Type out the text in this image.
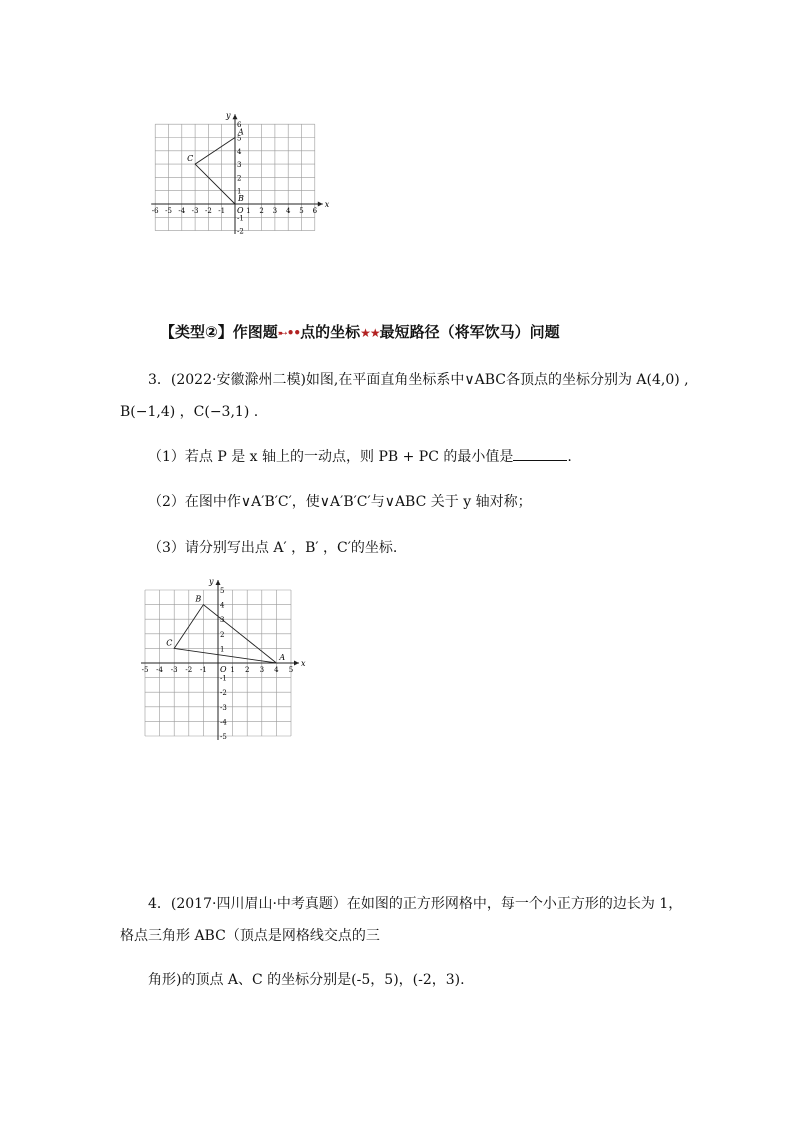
x
y
O
-6 -5 -4 -3 -2 -1	1 2 3 4 5 6
6
5
4
3
2
1
-1
-2
A
C
B
【类型②】作图题➸••点的坐标★★最短路径（将军饮马）问题
3．(2022·安徽滁州二模)如图,在平面直角坐标系中∨ABC各顶点的坐标分别为 A(4,0) ,
B(−1,4) ，C(−3,1) .
（1）若点 P 是 x 轴上的一动点，则 PB + PC 的最小值是	.
（2）在图中作∨A′B′C′，使∨A′B′C′与∨ABC 关于 y 轴对称；
（3）请分别写出点 A′ ，B′ ，C′的坐标.
x
y
O
-5 -4 -3 -2 -1	1 2 3 4 5
5
4
3
2
1
-1
-2
-3
-4
-5
A
B
C
4．(2017·四川眉山·中考真题）在如图的正方形网格中，每一个小正方形的边长为 1，
格点三角形 ABC（顶点是网格线交点的三
角形)的顶点 A、C 的坐标分别是(-5，5)，(-2，3).
